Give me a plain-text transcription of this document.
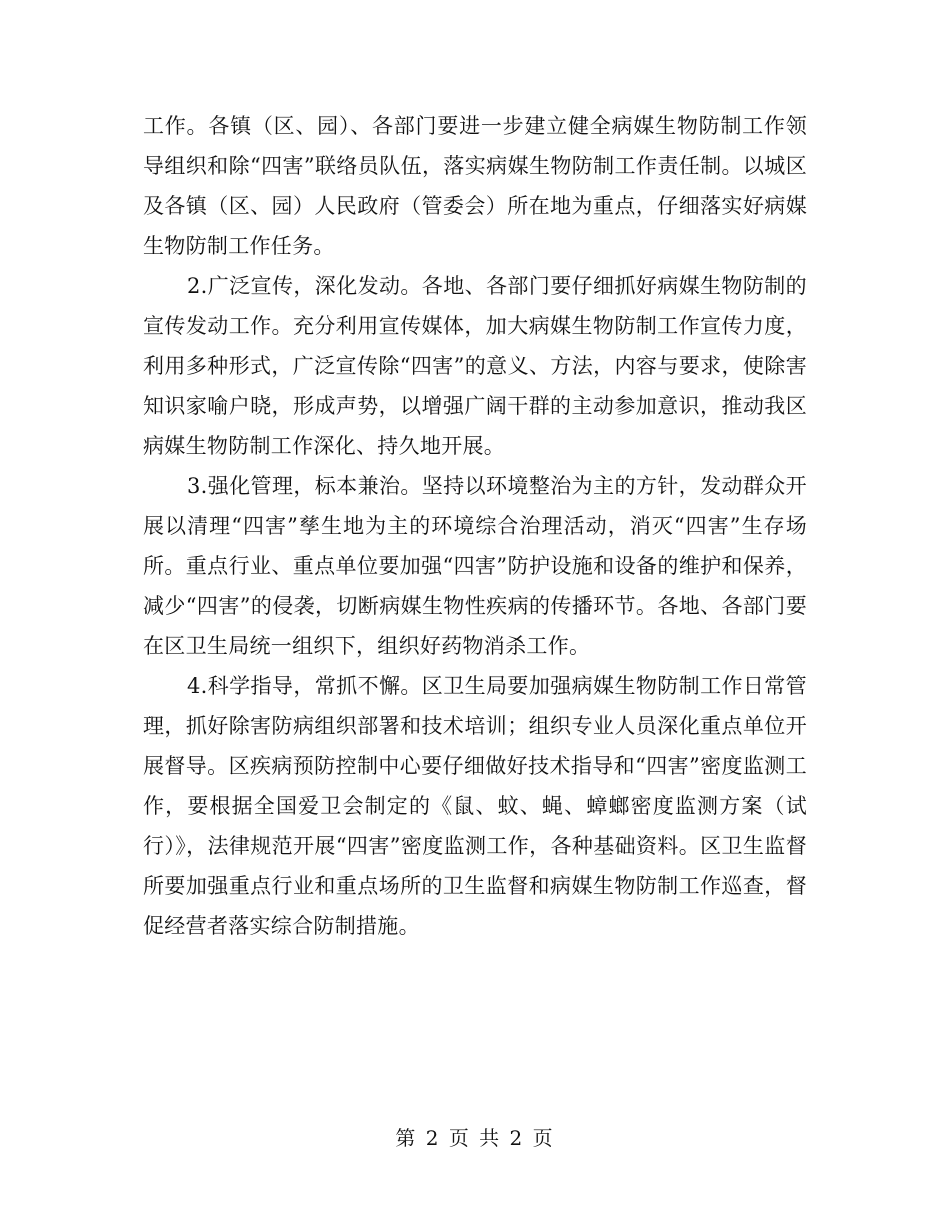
工作。各镇（区、园）、各部门要进一步建立健全病媒生物防制工作领导组织和除“四害”联络员队伍，落实病媒生物防制工作责任制。以城区及各镇（区、园）人民政府（管委会）所在地为重点，仔细落实好病媒生物防制工作任务。

2.广泛宣传，深化发动。各地、各部门要仔细抓好病媒生物防制的宣传发动工作。充分利用宣传媒体，加大病媒生物防制工作宣传力度，利用多种形式，广泛宣传除“四害”的意义、方法，内容与要求，使除害知识家喻户晓，形成声势，以增强广阔干群的主动参加意识，推动我区病媒生物防制工作深化、持久地开展。

3.强化管理，标本兼治。坚持以环境整治为主的方针，发动群众开展以清理“四害”孳生地为主的环境综合治理活动，消灭“四害”生存场所。重点行业、重点单位要加强“四害”防护设施和设备的维护和保养，减少“四害”的侵袭，切断病媒生物性疾病的传播环节。各地、各部门要在区卫生局统一组织下，组织好药物消杀工作。

4.科学指导，常抓不懈。区卫生局要加强病媒生物防制工作日常管理，抓好除害防病组织部署和技术培训；组织专业人员深化重点单位开展督导。区疾病预防控制中心要仔细做好技术指导和“四害”密度监测工作，要根据全国爱卫会制定的《鼠、蚊、蝇、蟑螂密度监测方案（试行）》，法律规范开展“四害”密度监测工作，各种基础资料。区卫生监督所要加强重点行业和重点场所的卫生监督和病媒生物防制工作巡查，督促经营者落实综合防制措施。

第 2 页 共 2 页
